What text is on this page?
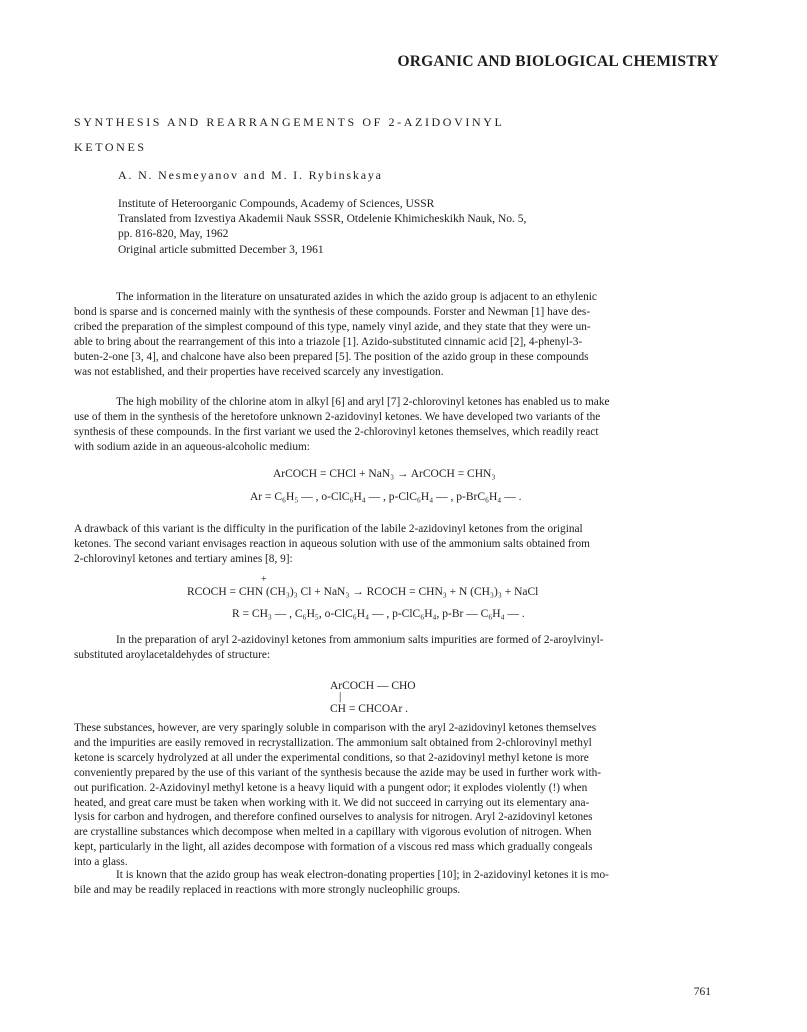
ORGANIC AND BIOLOGICAL CHEMISTRY
SYNTHESIS AND REARRANGEMENTS OF 2-AZIDOVINYL
KETONES
A. N. Nesmeyanov and M. I. Rybinskaya
Institute of Heteroorganic Compounds, Academy of Sciences, USSR
Translated from Izvestiya Akademii Nauk SSSR, Otdelenie Khimicheskikh Nauk, No. 5,
pp. 816-820, May, 1962
Original article submitted December 3, 1961
The information in the literature on unsaturated azides in which the azido group is adjacent to an ethylenic
bond is sparse and is concerned mainly with the synthesis of these compounds. Forster and Newman [1] have des-
cribed the preparation of the simplest compound of this type, namely vinyl azide, and they state that they were un-
able to bring about the rearrangement of this into a triazole [1]. Azido-substituted cinnamic acid [2], 4-phenyl-3-
buten-2-one [3, 4], and chalcone have also been prepared [5]. The position of the azido group in these compounds
was not established, and their properties have received scarcely any investigation.
The high mobility of the chlorine atom in alkyl [6] and aryl [7] 2-chlorovinyl ketones has enabled us to make
use of them in the synthesis of the heretofore unknown 2-azidovinyl ketones. We have developed two variants of the
synthesis of these compounds. In the first variant we used the 2-chlorovinyl ketones themselves, which readily react
with sodium azide in an aqueous-alcoholic medium:
ArCOCH = CHCl + NaN₃ → ArCOCH = CHN₃
Ar = C₆H₅ — , o-ClC₆H₄ — , p-ClC₆H₄ — , p-BrC₆H₄ — .
A drawback of this variant is the difficulty in the purification of the labile 2-azidovinyl ketones from the original
ketones. The second variant envisages reaction in aqueous solution with use of the ammonium salts obtained from
2-chlorovinyl ketones and tertiary amines [8, 9]:
+
RCOCH = CHN (CH₃)₃ Cl + NaN₃ → RCOCH = CHN₃ + N (CH₃)₃ + NaCl
R = CH₃ — , C₆H₅, o-ClC₆H₄ — , p-ClC₆H₄, p-Br — C₆H₄ — .
In the preparation of aryl 2-azidovinyl ketones from ammonium salts impurities are formed of 2-aroylvinyl-
substituted aroylacetaldehydes of structure:
ArCOCH — CHO
|
CH = CHCOAr .
These substances, however, are very sparingly soluble in comparison with the aryl 2-azidovinyl ketones themselves
and the impurities are easily removed in recrystallization. The ammonium salt obtained from 2-chlorovinyl methyl
ketone is scarcely hydrolyzed at all under the experimental conditions, so that 2-azidovinyl methyl ketone is more
conveniently prepared by the use of this variant of the synthesis because the azide may be used in further work with-
out purification. 2-Azidovinyl methyl ketone is a heavy liquid with a pungent odor; it explodes violently (!) when
heated, and great care must be taken when working with it. We did not succeed in carrying out its elementary ana-
lysis for carbon and hydrogen, and therefore confined ourselves to analysis for nitrogen. Aryl 2-azidovinyl ketones
are crystalline substances which decompose when melted in a capillary with vigorous evolution of nitrogen. When
kept, particularly in the light, all azides decompose with formation of a viscous red mass which gradually congeals
into a glass.
It is known that the azido group has weak electron-donating properties [10]; in 2-azidovinyl ketones it is mo-
bile and may be readily replaced in reactions with more strongly nucleophilic groups.
761
